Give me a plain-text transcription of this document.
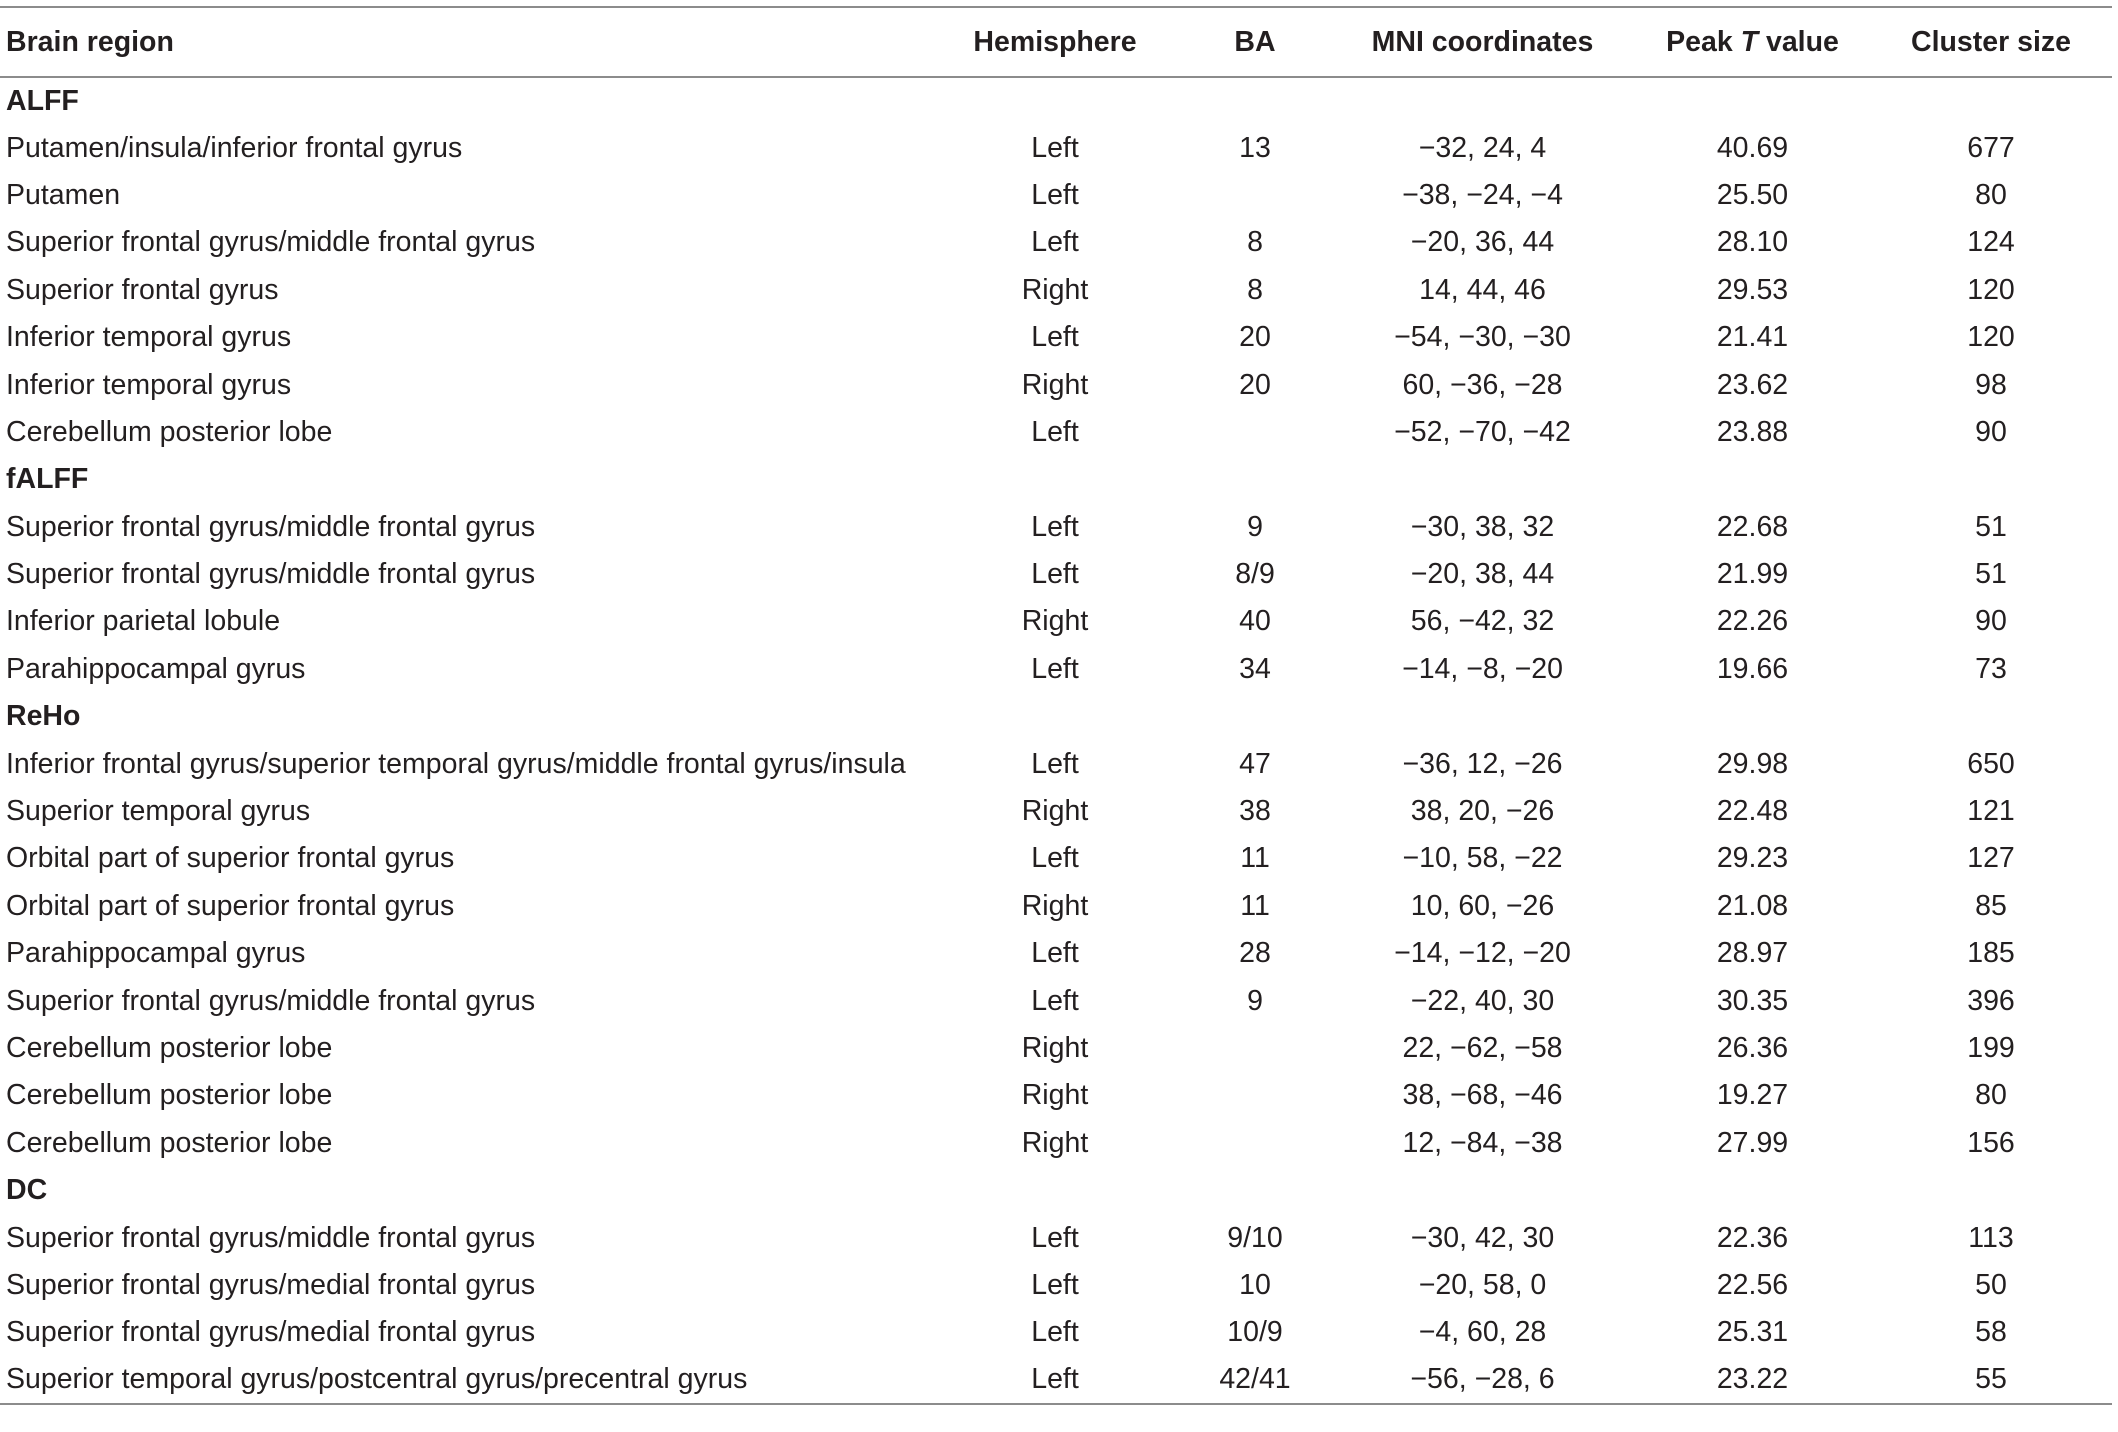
Brain region	Hemisphere	BA	MNI coordinates	Peak T value	Cluster size
ALFF					
Putamen/insula/inferior frontal gyrus	Left	13	−32, 24, 4	40.69	677
Putamen	Left		−38, −24, −4	25.50	80
Superior frontal gyrus/middle frontal gyrus	Left	8	−20, 36, 44	28.10	124
Superior frontal gyrus	Right	8	14, 44, 46	29.53	120
Inferior temporal gyrus	Left	20	−54, −30, −30	21.41	120
Inferior temporal gyrus	Right	20	60, −36, −28	23.62	98
Cerebellum posterior lobe	Left		−52, −70, −42	23.88	90
fALFF					
Superior frontal gyrus/middle frontal gyrus	Left	9	−30, 38, 32	22.68	51
Superior frontal gyrus/middle frontal gyrus	Left	8/9	−20, 38, 44	21.99	51
Inferior parietal lobule	Right	40	56, −42, 32	22.26	90
Parahippocampal gyrus	Left	34	−14, −8, −20	19.66	73
ReHo					
Inferior frontal gyrus/superior temporal gyrus/middle frontal gyrus/insula	Left	47	−36, 12, −26	29.98	650
Superior temporal gyrus	Right	38	38, 20, −26	22.48	121
Orbital part of superior frontal gyrus	Left	11	−10, 58, −22	29.23	127
Orbital part of superior frontal gyrus	Right	11	10, 60, −26	21.08	85
Parahippocampal gyrus	Left	28	−14, −12, −20	28.97	185
Superior frontal gyrus/middle frontal gyrus	Left	9	−22, 40, 30	30.35	396
Cerebellum posterior lobe	Right		22, −62, −58	26.36	199
Cerebellum posterior lobe	Right		38, −68, −46	19.27	80
Cerebellum posterior lobe	Right		12, −84, −38	27.99	156
DC					
Superior frontal gyrus/middle frontal gyrus	Left	9/10	−30, 42, 30	22.36	113
Superior frontal gyrus/medial frontal gyrus	Left	10	−20, 58, 0	22.56	50
Superior frontal gyrus/medial frontal gyrus	Left	10/9	−4, 60, 28	25.31	58
Superior temporal gyrus/postcentral gyrus/precentral gyrus	Left	42/41	−56, −28, 6	23.22	55
